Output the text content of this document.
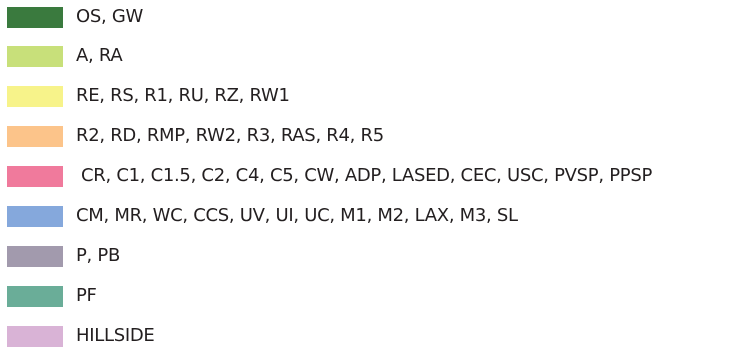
OS, GW
A, RA
RE, RS, R1, RU, RZ, RW1
R2, RD, RMP, RW2, R3, RAS, R4, R5
CR, C1, C1.5, C2, C4, C5, CW, ADP, LASED, CEC, USC, PVSP, PPSP
CM, MR, WC, CCS, UV, UI, UC, M1, M2, LAX, M3, SL
P, PB
PF
HILLSIDE
